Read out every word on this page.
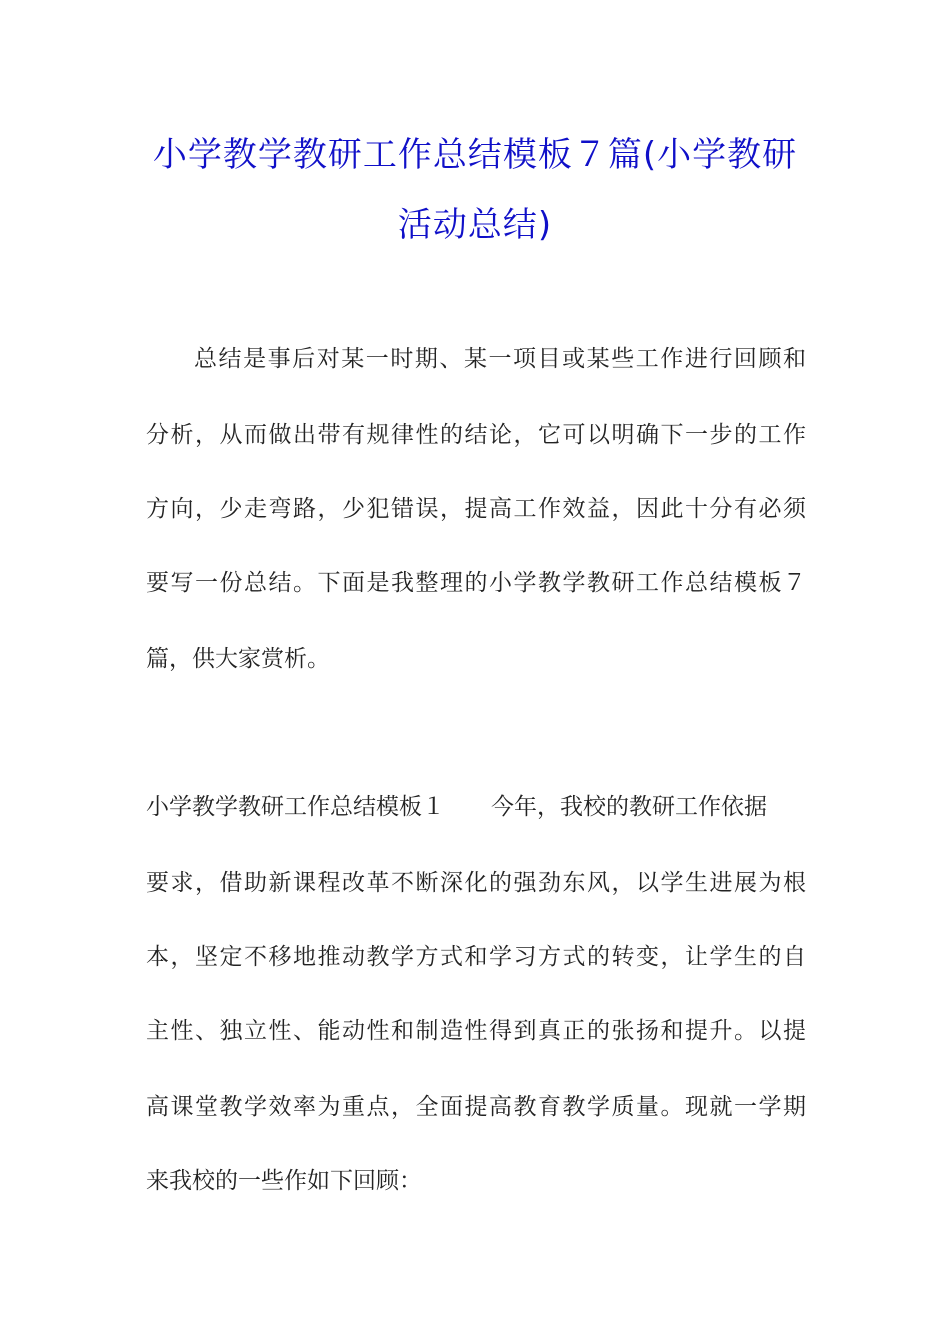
小学教学教研工作总结模板７篇(小学教研
活动总结)
总结是事后对某一时期、某一项目或某些工作进行回顾和
分析，从而做出带有规律性的结论，它可以明确下一步的工作
方向，少走弯路，少犯错误，提高工作效益，因此十分有必须
要写一份总结。下面是我整理的小学教学教研工作总结模板７
篇，供大家赏析。
小学教学教研工作总结模板１ 今年，我校的教研工作依据
要求，借助新课程改革不断深化的强劲东风，以学生进展为根
本，坚定不移地推动教学方式和学习方式的转变，让学生的自
主性、独立性、能动性和制造性得到真正的张扬和提升。以提
高课堂教学效率为重点，全面提高教育教学质量。现就一学期
来我校的一些作如下回顾：
